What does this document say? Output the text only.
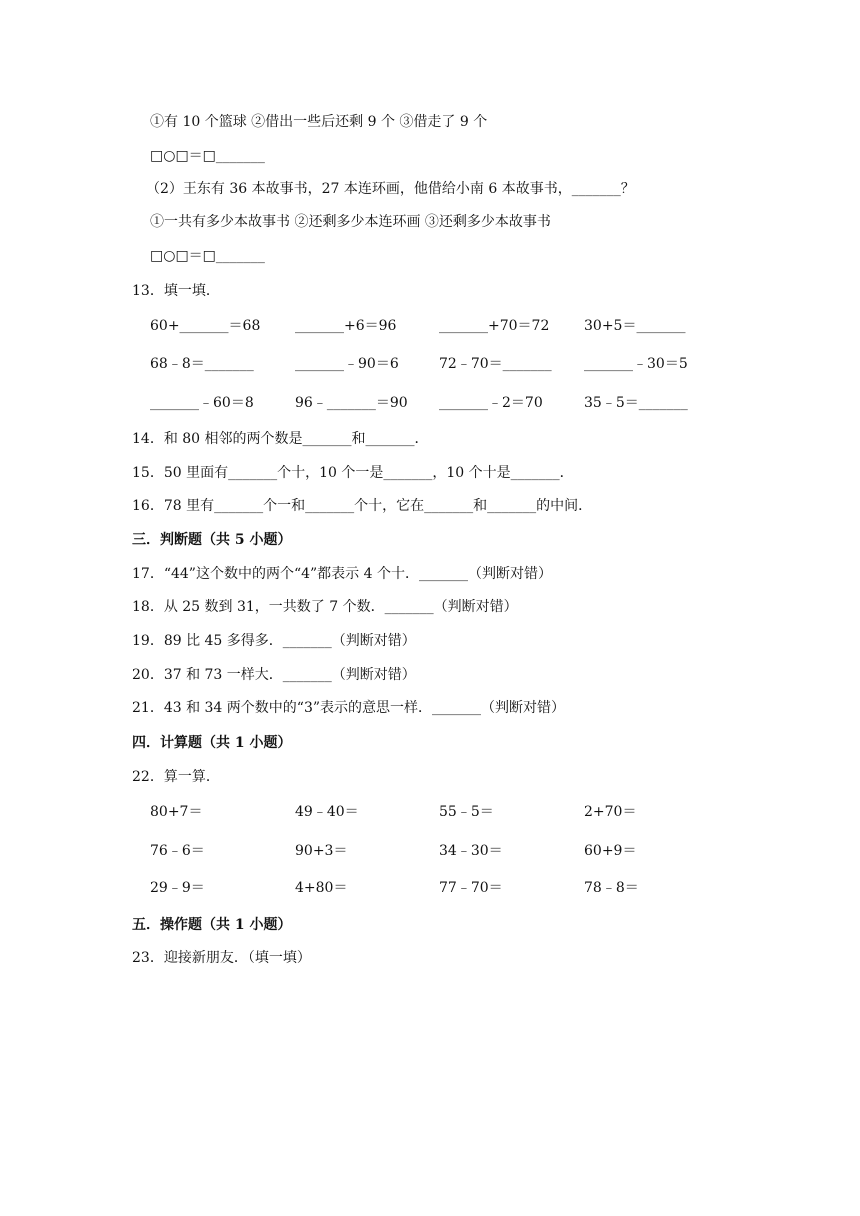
①有 10 个篮球 ②借出一些后还剩 9 个 ③借走了 9 个
□○□＝□_______
（2）王东有 36 本故事书，27 本连环画，他借给小南 6 本故事书，_______？
①一共有多少本故事书 ②还剩多少本连环画 ③还剩多少本故事书
□○□＝□_______
13．填一填．
60+_______＝68 _______+6＝96	_______+70＝72 30+5＝_______
68﹣8＝_______	_______﹣90＝6	72﹣70＝_______ _______﹣30＝5
_______﹣60＝8	96﹣_______＝90 _______﹣2＝70	35﹣5＝_______
14．和 80 相邻的两个数是_______和_______．
15．50 里面有_______个十，10 个一是_______，10 个十是_______．
16．78 里有_______个一和_______个十，它在_______和_______的中间．
三．判断题（共 5 小题）
17．“44”这个数中的两个“4”都表示 4 个十．_______（判断对错）
18．从 25 数到 31，一共数了 7 个数．_______（判断对错）
19．89 比 45 多得多．_______（判断对错）
20．37 和 73 一样大．_______（判断对错）
21．43 和 34 两个数中的“3”表示的意思一样．_______（判断对错）
四．计算题（共 1 小题）
22．算一算．
80+7＝	49﹣40＝	55﹣5＝	2+70＝
76﹣6＝	90+3＝	34﹣30＝	60+9＝
29﹣9＝	4+80＝	77﹣70＝	78﹣8＝
五．操作题（共 1 小题）
23．迎接新朋友．（填一填）
